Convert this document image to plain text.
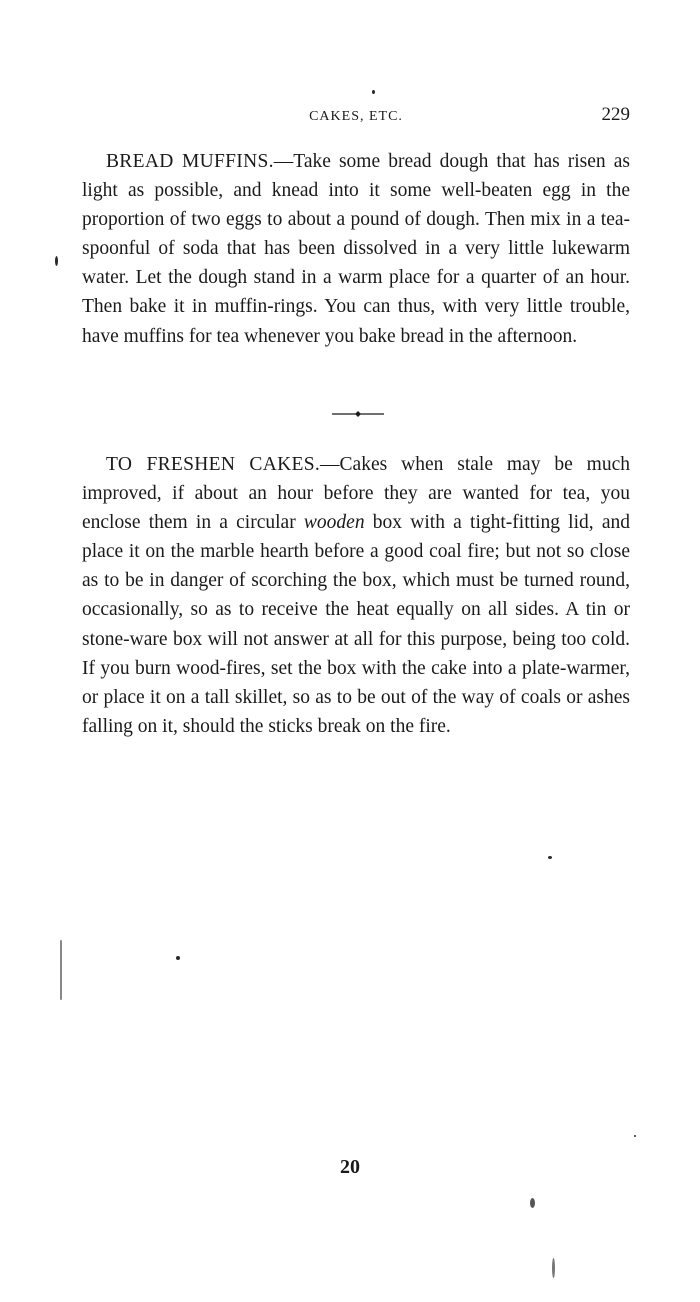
CAKES, ETC.	229

BREAD MUFFINS.—Take some bread dough that has risen as light as possible, and knead into it some well-beaten egg in the proportion of two eggs to about a pound of dough. Then mix in a tea-spoonful of soda that has been dissolved in a very little lukewarm water. Let the dough stand in a warm place for a quarter of an hour. Then bake it in muffin-rings. You can thus, with very little trouble, have muffins for tea whenever you bake bread in the afternoon.

TO FRESHEN CAKES.—Cakes when stale may be much improved, if about an hour before they are wanted for tea, you enclose them in a circular wooden box with a tight-fitting lid, and place it on the marble hearth before a good coal fire; but not so close as to be in danger of scorching the box, which must be turned round, occasionally, so as to receive the heat equally on all sides. A tin or stone-ware box will not answer at all for this purpose, being too cold. If you burn wood-fires, set the box with the cake into a plate-warmer, or place it on a tall skillet, so as to be out of the way of coals or ashes falling on it, should the sticks break on the fire.

20
